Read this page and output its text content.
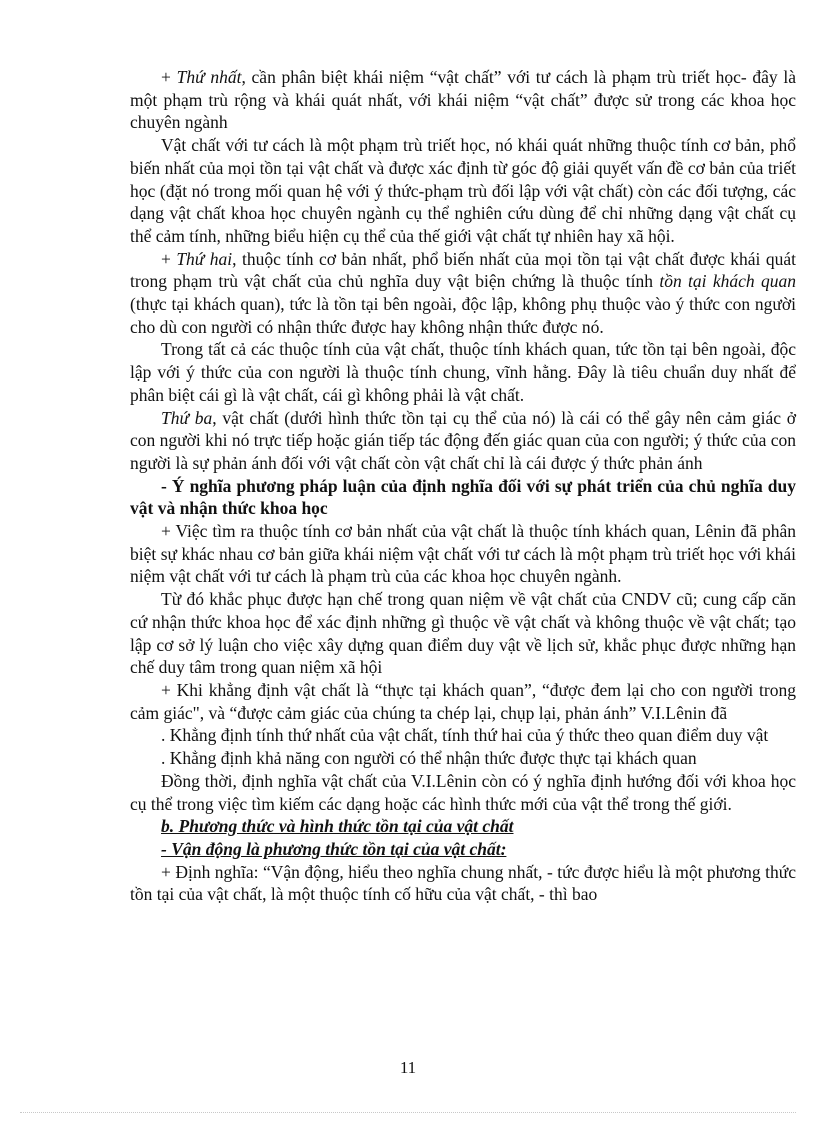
+ Thứ nhất, cần phân biệt khái niệm “vật chất” với tư cách là phạm trù triết học- đây là một phạm trù rộng và khái quát nhất, với khái niệm “vật chất” được sử trong các khoa học chuyên ngành

Vật chất với tư cách là một phạm trù triết học, nó khái quát những thuộc tính cơ bản, phổ biến nhất của mọi tồn tại vật chất và được xác định từ góc độ giải quyết vấn đề cơ bản của triết học (đặt nó trong mối quan hệ với ý thức-phạm trù đối lập với vật chất) còn các đối tượng, các dạng vật chất khoa học chuyên ngành cụ thể nghiên cứu dùng để chỉ những dạng vật chất cụ thể cảm tính, những biểu hiện cụ thể của thế giới vật chất tự nhiên hay xã hội.

+ Thứ hai, thuộc tính cơ bản nhất, phổ biến nhất của mọi tồn tại vật chất được khái quát trong phạm trù vật chất của chủ nghĩa duy vật biện chứng là thuộc tính tồn tại khách quan (thực tại khách quan), tức là tồn tại bên ngoài, độc lập, không phụ thuộc vào ý thức con người cho dù con người có nhận thức được hay không nhận thức được nó.

Trong tất cả các thuộc tính của vật chất, thuộc tính khách quan, tức tồn tại bên ngoài, độc lập với ý thức của con người là thuộc tính chung, vĩnh hằng. Đây là tiêu chuẩn duy nhất để phân biệt cái gì là vật chất, cái gì không phải là vật chất.

Thứ ba, vật chất (dưới hình thức tồn tại cụ thể của nó) là cái có thể gây nên cảm giác ở con người khi nó trực tiếp hoặc gián tiếp tác động đến giác quan của con người; ý thức của con người là sự phản ánh đối với vật chất còn vật chất chỉ là cái được ý thức phản ánh

- Ý nghĩa phương pháp luận của định nghĩa đối với sự phát triển của chủ nghĩa duy vật và nhận thức khoa học

+ Việc tìm ra thuộc tính cơ bản nhất của vật chất là thuộc tính khách quan, Lênin đã phân biệt sự khác nhau cơ bản giữa khái niệm vật chất với tư cách là một phạm trù triết học với khái niệm vật chất với tư cách là phạm trù của các khoa học chuyên ngành.

Từ đó khắc phục được hạn chế trong quan niệm về vật chất của CNDV cũ; cung cấp căn cứ nhận thức khoa học để xác định những gì thuộc về vật chất và không thuộc về vật chất; tạo lập cơ sở lý luận cho việc xây dựng quan điểm duy vật về lịch sử, khắc phục được những hạn chế duy tâm trong quan niệm xã hội

+ Khi khẳng định vật chất là “thực tại khách quan”, “được đem lại cho con người trong cảm giác", và “được cảm giác của chúng ta chép lại, chụp lại, phản ánh” V.I.Lênin đã

. Khẳng định tính thứ nhất của vật chất, tính thứ hai của ý thức theo quan điểm duy vật

. Khẳng định khả năng con người có thể nhận thức được thực tại khách quan

Đồng thời, định nghĩa vật chất của V.I.Lênin còn có ý nghĩa định hướng đối với khoa học cụ thể trong việc tìm kiếm các dạng hoặc các hình thức mới của vật thể trong thế giới.

b. Phương thức và hình thức tồn tại của vật chất

- Vận động là phương thức tồn tại của vật chất:

+ Định nghĩa: “Vận động, hiểu theo nghĩa chung nhất, - tức được hiểu là một phương thức tồn tại của vật chất, là một thuộc tính cố hữu của vật chất, - thì bao

11
